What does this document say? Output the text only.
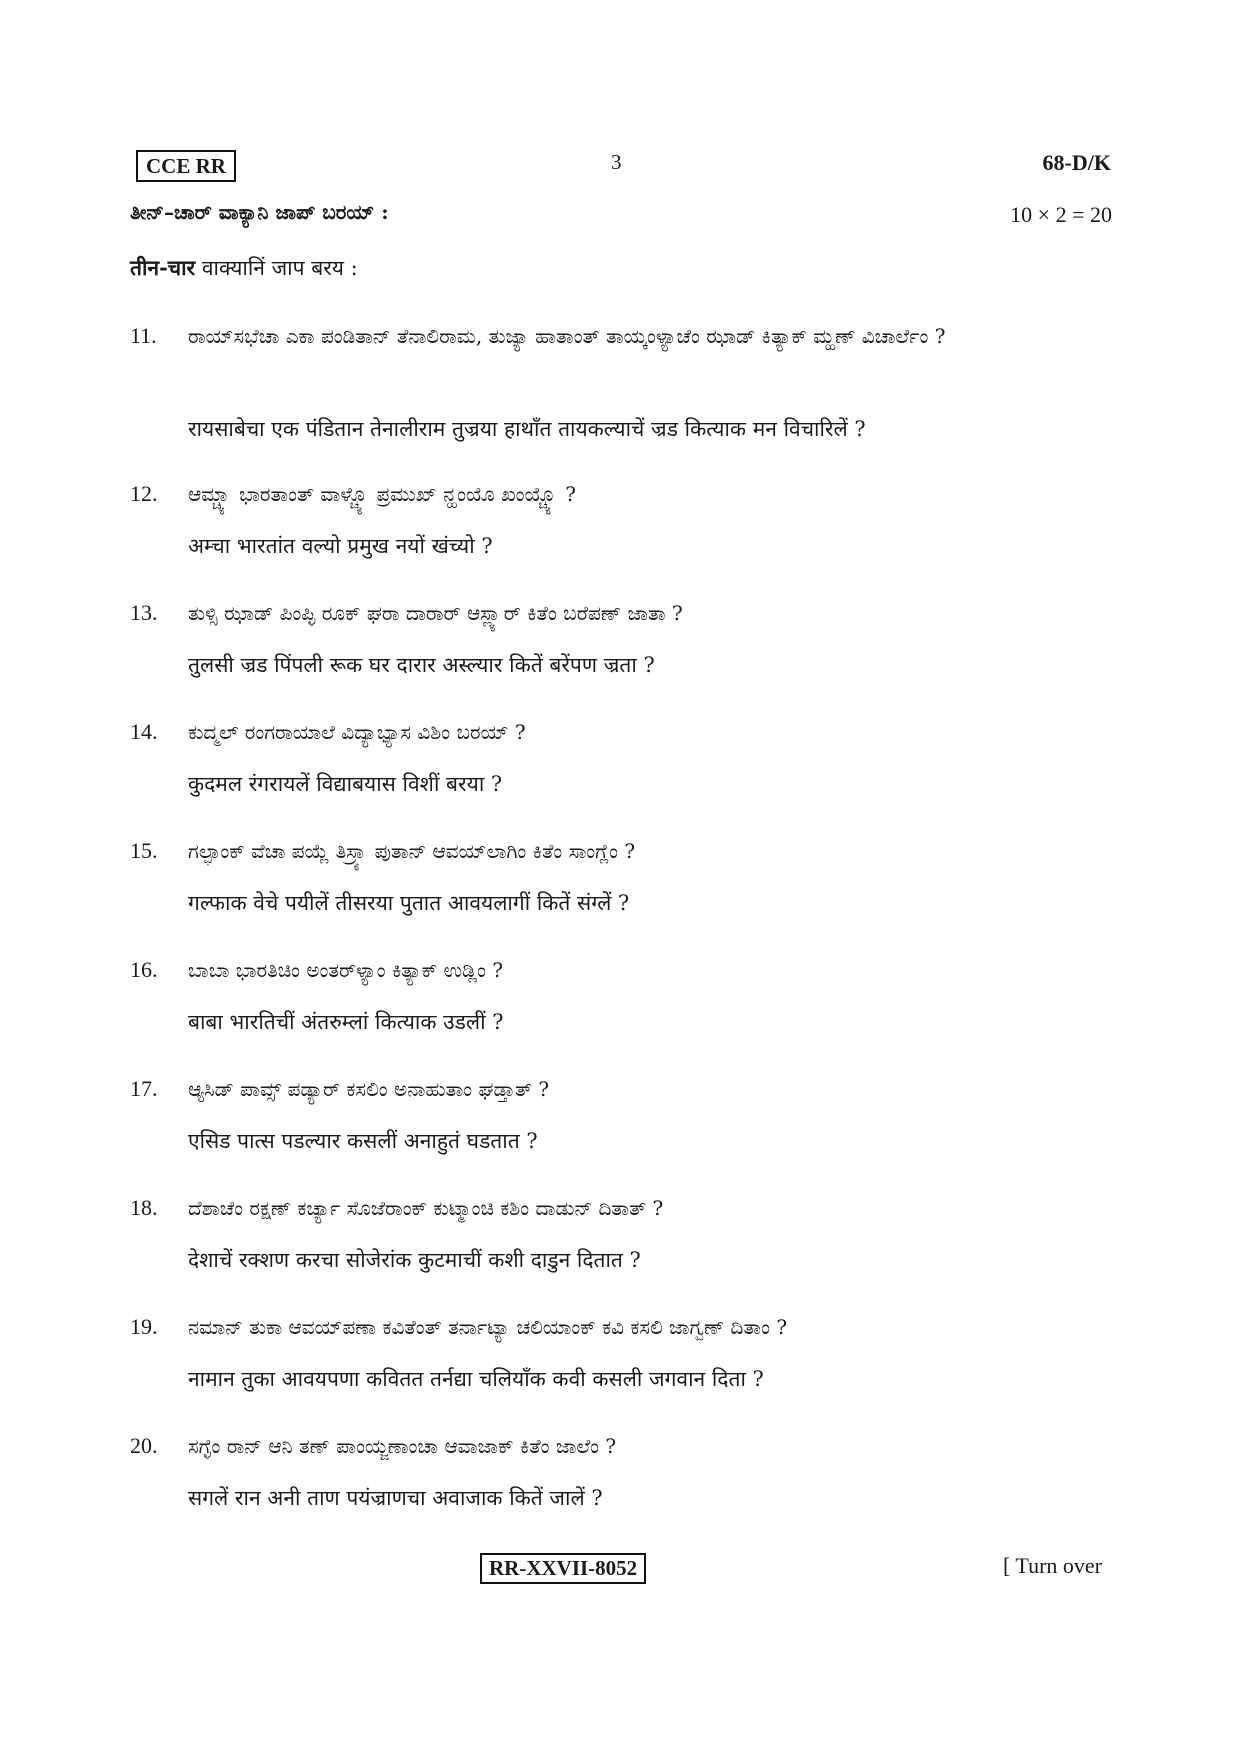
CCE RR	3	68-D/K
ತೀನ್–ಚಾರ್ ವಾಕ್ಯಾನಿ ಜಾಪ್ ಬರಯ್ :	10 × 2 = 20
तीन-चार वाक्यानिं जाप बरय :
11. ರಾಯ್‌ಸಭೆಚಾ ಎಕಾ ಪಂಡಿತಾನ್ ತೆನಾಲಿರಾಮ, ತುಜ್ಯಾ ಹಾತಾಂತ್ ತಾಯ್ಕಂಳ್ಯಾಚೆಂ ಝಾಡ್ ಕಿತ್ಯಾಕ್ ಮ್ಹಣ್ ವಿಚಾರ್ಲೆಂ ?
रायसाबेचा एक पंडितान तेनालीराम तुज्रया हाथाँत तायकल्याचें ज्रड कित्याक मन विचारिलें ?
12. ಆಮ್ಚ್ಯಾ ಭಾರತಾಂತ್ ವಾಳ್ಚ್ಯೊ ಪ್ರಮುಖ್ ನ್ಹಂಯೊ ಖಂಯ್ಚ್ಯೊ ?
अम्चा भारतांत वल्यो प्रमुख नयों खंच्यो ?
13. ತುಳ್ಸಿ ಝಾಡ್ ಪಿಂಪ್ಳಿ ರೂಕ್ ಘರಾ ದಾರಾರ್ ಆಸ್ಲ್ಯಾರ್ ಕಿತೆಂ ಬರೆಪಣ್ ಜಾತಾ ?
तुलसी ज्रड पिंपली रूक घर दारार अस्ल्यार कितें बरेंपण ज्रता ?
14. ಕುದ್ಮಲ್ ರಂಗರಾಯಾಲೆ ವಿದ್ಯಾಭ್ಯಾಸ ವಿಶಿಂ ಬರಯ್ ?
कुदमल रंगरायलें विद्याबयास विशीं बरया ?
15. ಗಲ್ಫಾಂಕ್ ವೆಚಾ ಪಯ್ಲೆ ತಿಸ್ರ್ಯಾ ಪುತಾನ್ ಆವಯ್‌ಲಾಗಿಂ ಕಿತೆಂ ಸಾಂಗ್ಲೆಂ ?
गल्फाक वेचे पयीलें तीसरया पुतात आवयलागीं कितें संग्लें ?
16. ಬಾಬಾ ಭಾರತಿಚಿಂ ಅಂತರ್‌ಳ್ಯಾಂ ಕಿತ್ಯಾಕ್ ಉಡ್ಲಿಂ ?
बाबा भारतिचीं अंतरुम्लां कित्याक उडलीं ?
17. ಆ್ಯಸಿಡ್ ಪಾವ್ಸ್ ಪಡ್ಯಾರ್ ಕಸಲಿಂ ಅನಾಹುತಾಂ ಘಡ್ತಾತ್ ?
एसिड पात्स पडल्यार कसलीं अनाहुतं घडतात ?
18. ದೆಶಾಚೆಂ ರಕ್ಷಣ್ ಕರ್ಚ್ಯಾ ಸೊಜೆರಾಂಕ್ ಕುಟ್ಮಾಂಚಿ ಕಶಿಂ ದಾಡುನ್ ದಿತಾತ್ ?
देशाचें रक्शण करचा सोजेरांक कुटमाचीं कशी दाडुन दितात ?
19. ನಮಾನ್ ತುಕಾ ಆವಯ್‌ಪಣಾ ಕವಿತೆಂತ್ ತರ್ನಾಟ್ಯಾ ಚಲಿಯಾಂಕ್ ಕವಿ ಕಸಲಿ ಜಾಗ್ವಣ್ ದಿತಾಂ ?
नामान तुका आवयपणा कवितत तर्नद्या चलियाँक कवी कसली जगवान दिता ?
20. ಸಗ್ಳೆಂ ರಾನ್ ಆನಿ ತಣ್ ಪಾಂಯ್ಜಣಾಂಚಾ ಆವಾಜಾಕ್ ಕಿತೆಂ ಜಾಲೆಂ ?
सगलें रान अनी ताण पयंज्राणचा अवाजाक कितें जालें ?
RR-XXVII-8052	[ Turn over
